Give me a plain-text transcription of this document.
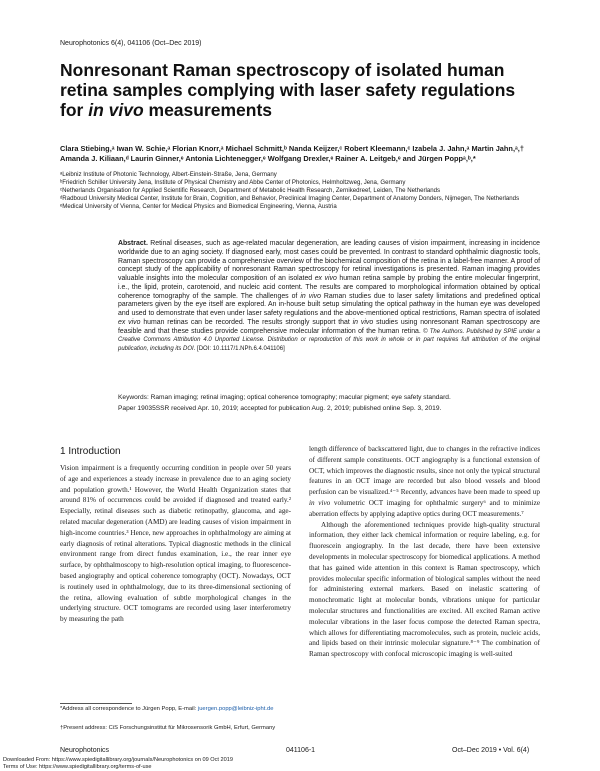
Neurophotonics 6(4), 041106 (Oct–Dec 2019)
Nonresonant Raman spectroscopy of isolated human retina samples complying with laser safety regulations for in vivo measurements
Clara Stiebing,ᵃ Iwan W. Schie,ᵃ Florian Knorr,ᵃ Michael Schmitt,ᵇ Nanda Keijzer,ᶜ Robert Kleemann,ᶜ Izabela J. Jahn,ᵃ Martin Jahn,ᵃ,† Amanda J. Kiliaan,ᵈ Laurin Ginner,ᵉ Antonia Lichtenegger,ᵉ Wolfgang Drexler,ᵉ Rainer A. Leitgeb,ᵉ and Jürgen Poppᵃ,ᵇ,*
ᵃLeibniz Institute of Photonic Technology, Albert-Einstein-Straße, Jena, Germany
ᵇFriedrich Schiller University Jena, Institute of Physical Chemistry and Abbe Center of Photonics, Helmholtzweg, Jena, Germany
ᶜNetherlands Organisation for Applied Scientific Research, Department of Metabolic Health Research, Zernikedreef, Leiden, The Netherlands
ᵈRadboud University Medical Center, Institute for Brain, Cognition, and Behavior, Preclinical Imaging Center, Department of Anatomy Donders, Nijmegen, The Netherlands
ᵉMedical University of Vienna, Center for Medical Physics and Biomedical Engineering, Vienna, Austria
Abstract. Retinal diseases, such as age-related macular degeneration, are leading causes of vision impairment, increasing in incidence worldwide due to an aging society. If diagnosed early, most cases could be prevented. In contrast to standard ophthalmic diagnostic tools, Raman spectroscopy can provide a comprehensive overview of the biochemical composition of the retina in a label-free manner. A proof of concept study of the applicability of nonresonant Raman spectroscopy for retinal investigations is presented. Raman imaging provides valuable insights into the molecular composition of an isolated ex vivo human retina sample by probing the entire molecular fingerprint, i.e., the lipid, protein, carotenoid, and nucleic acid content. The results are compared to morphological information obtained by optical coherence tomography of the sample. The challenges of in vivo Raman studies due to laser safety limitations and predefined optical parameters given by the eye itself are explored. An in-house built setup simulating the optical pathway in the human eye was developed and used to demonstrate that even under laser safety regulations and the above-mentioned optical restrictions, Raman spectra of isolated ex vivo human retinas can be recorded. The results strongly support that in vivo studies using nonresonant Raman spectroscopy are feasible and that these studies provide comprehensive molecular information of the human retina. © The Authors. Published by SPIE under a Creative Commons Attribution 4.0 Unported License. Distribution or reproduction of this work in whole or in part requires full attribution of the original publication, including its DOI. [DOI: 10.1117/1.NPh.6.4.041106]
Keywords: Raman imaging; retinal imaging; optical coherence tomography; macular pigment; eye safety standard.
Paper 19035SSR received Apr. 10, 2019; accepted for publication Aug. 2, 2019; published online Sep. 3, 2019.
1 Introduction

Vision impairment is a frequently occurring condition in people over 50 years of age and experiences a steady increase in prevalence due to an aging society and population growth.¹ However, the World Health Organization states that around 81% of occurrences could be avoided if diagnosed and treated early.² Especially, retinal diseases such as diabetic retinopathy, glaucoma, and age-related macular degeneration (AMD) are leading causes of vision impairment in high-income countries.³ Hence, new approaches in ophthalmology are aiming at early diagnosis of retinal alterations. Typical diagnostic methods in the clinical environment range from direct fundus examination, i.e., the rear inner eye surface, by ophthalmoscopy to high-resolution optical imaging, to fluorescence-based angiography and optical coherence tomography (OCT). Nowadays, OCT is routinely used in ophthalmology, due to its three-dimensional sectioning of the retina, allowing evaluation of subtle morphological changes in the underlying structure. OCT tomograms are recorded using laser interferometry by measuring the path

length difference of backscattered light, due to changes in the refractive indices of different sample constituents. OCT angiography is a functional extension of OCT, which improves the diagnostic results, since not only the typical structural features in an OCT image are recorded but also blood vessels and blood perfusion can be visualized.⁴⁻⁵ Recently, advances have been made to speed up in vivo volumetric OCT imaging for ophthalmic surgery⁶ and to minimize aberration effects by applying adaptive optics during OCT measurements.⁷

Although the aforementioned techniques provide high-quality structural information, they either lack chemical information or require labeling, e.g. for fluorescein angiography. In the last decade, there have been extensive developments in molecular spectroscopy for biomedical applications. A method that has gained wide attention in this context is Raman spectroscopy, which provides molecular specific information of biological samples without the need for administering external markers. Based on inelastic scattering of monochromatic light at molecular bonds, vibrations unique for particular molecular structures and functionalities are excited. All excited Raman active molecular vibrations in the laser focus compose the detected Raman spectra, which allows for differentiating macromolecules, such as protein, nucleic acids, and lipids based on their intrinsic molecular signature.⁸⁻⁹ The combination of Raman spectroscopy with confocal microscopic imaging is well-suited

*Address all correspondence to Jürgen Popp, E-mail: juergen.popp@leibniz-ipht.de
†Present address: CiS Forschungsinstitut für Mikrosensorik GmbH, Erfurt, Germany
Neurophotonics	041106-1	Oct–Dec 2019 • Vol. 6(4)
Downloaded From: https://www.spiedigitallibrary.org/journals/Neurophotonics on 09 Oct 2019
Terms of Use: https://www.spiedigitallibrary.org/terms-of-use
